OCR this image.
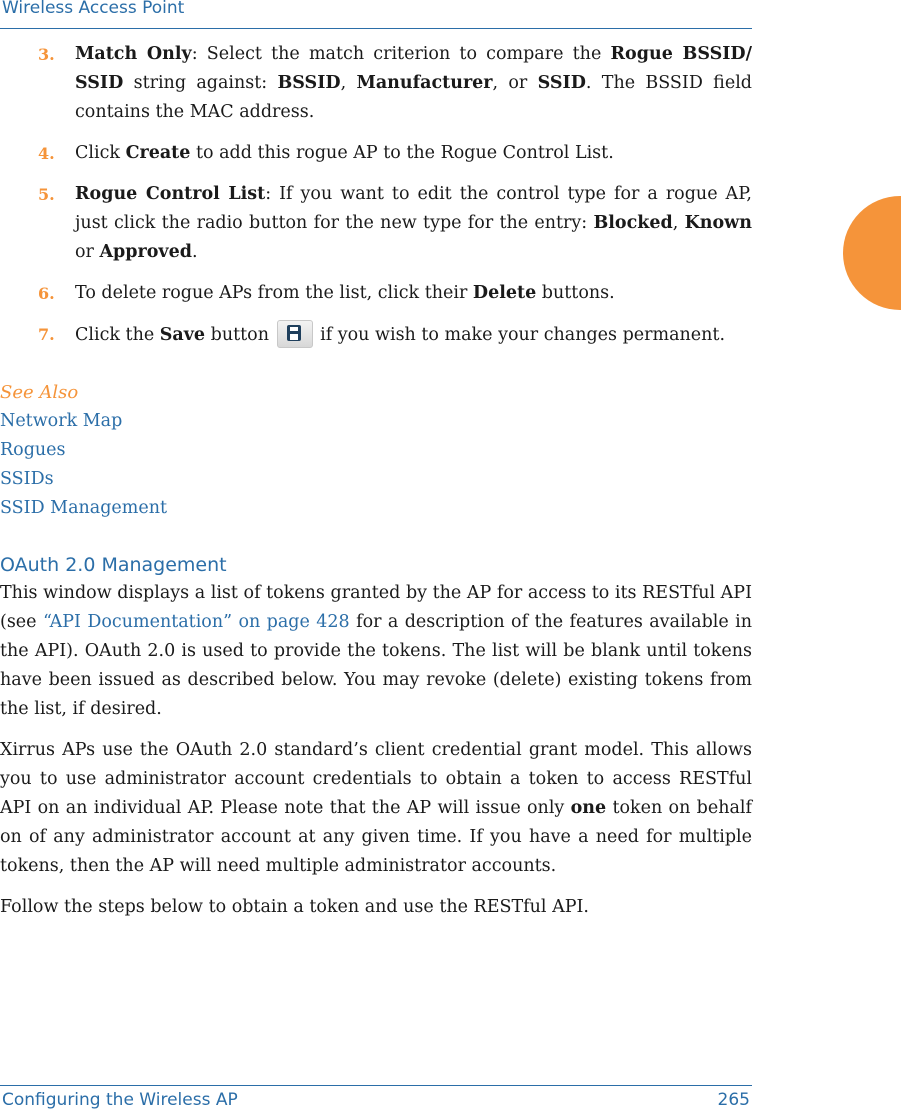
Wireless Access Point
3. Match Only: Select the match criterion to compare the Rogue BSSID/ SSID string against: BSSID, Manufacturer, or SSID. The BSSID field contains the MAC address.
4. Click Create to add this rogue AP to the Rogue Control List.
5. Rogue Control List: If you want to edit the control type for a rogue AP, just click the radio button for the new type for the entry: Blocked, Known or Approved.
6. To delete rogue APs from the list, click their Delete buttons.
7. Click the Save button
if you wish to make your changes permanent.
See Also
Network Map
Rogues
SSIDs
SSID Management
OAuth 2.0 Management

This window displays a list of tokens granted by the AP for access to its RESTful API (see “API Documentation” on page 428 for a description of the features available in the API). OAuth 2.0 is used to provide the tokens. The list will be blank until tokens have been issued as described below. You may revoke (delete) existing tokens from the list, if desired.

Xirrus APs use the OAuth 2.0 standard’s client credential grant model. This allows you to use administrator account credentials to obtain a token to access RESTful API on an individual AP. Please note that the AP will issue only one token on behalf on of any administrator account at any given time. If you have a need for multiple tokens, then the AP will need multiple administrator accounts.

Follow the steps below to obtain a token and use the RESTful API.

Configuring the Wireless AP	265
